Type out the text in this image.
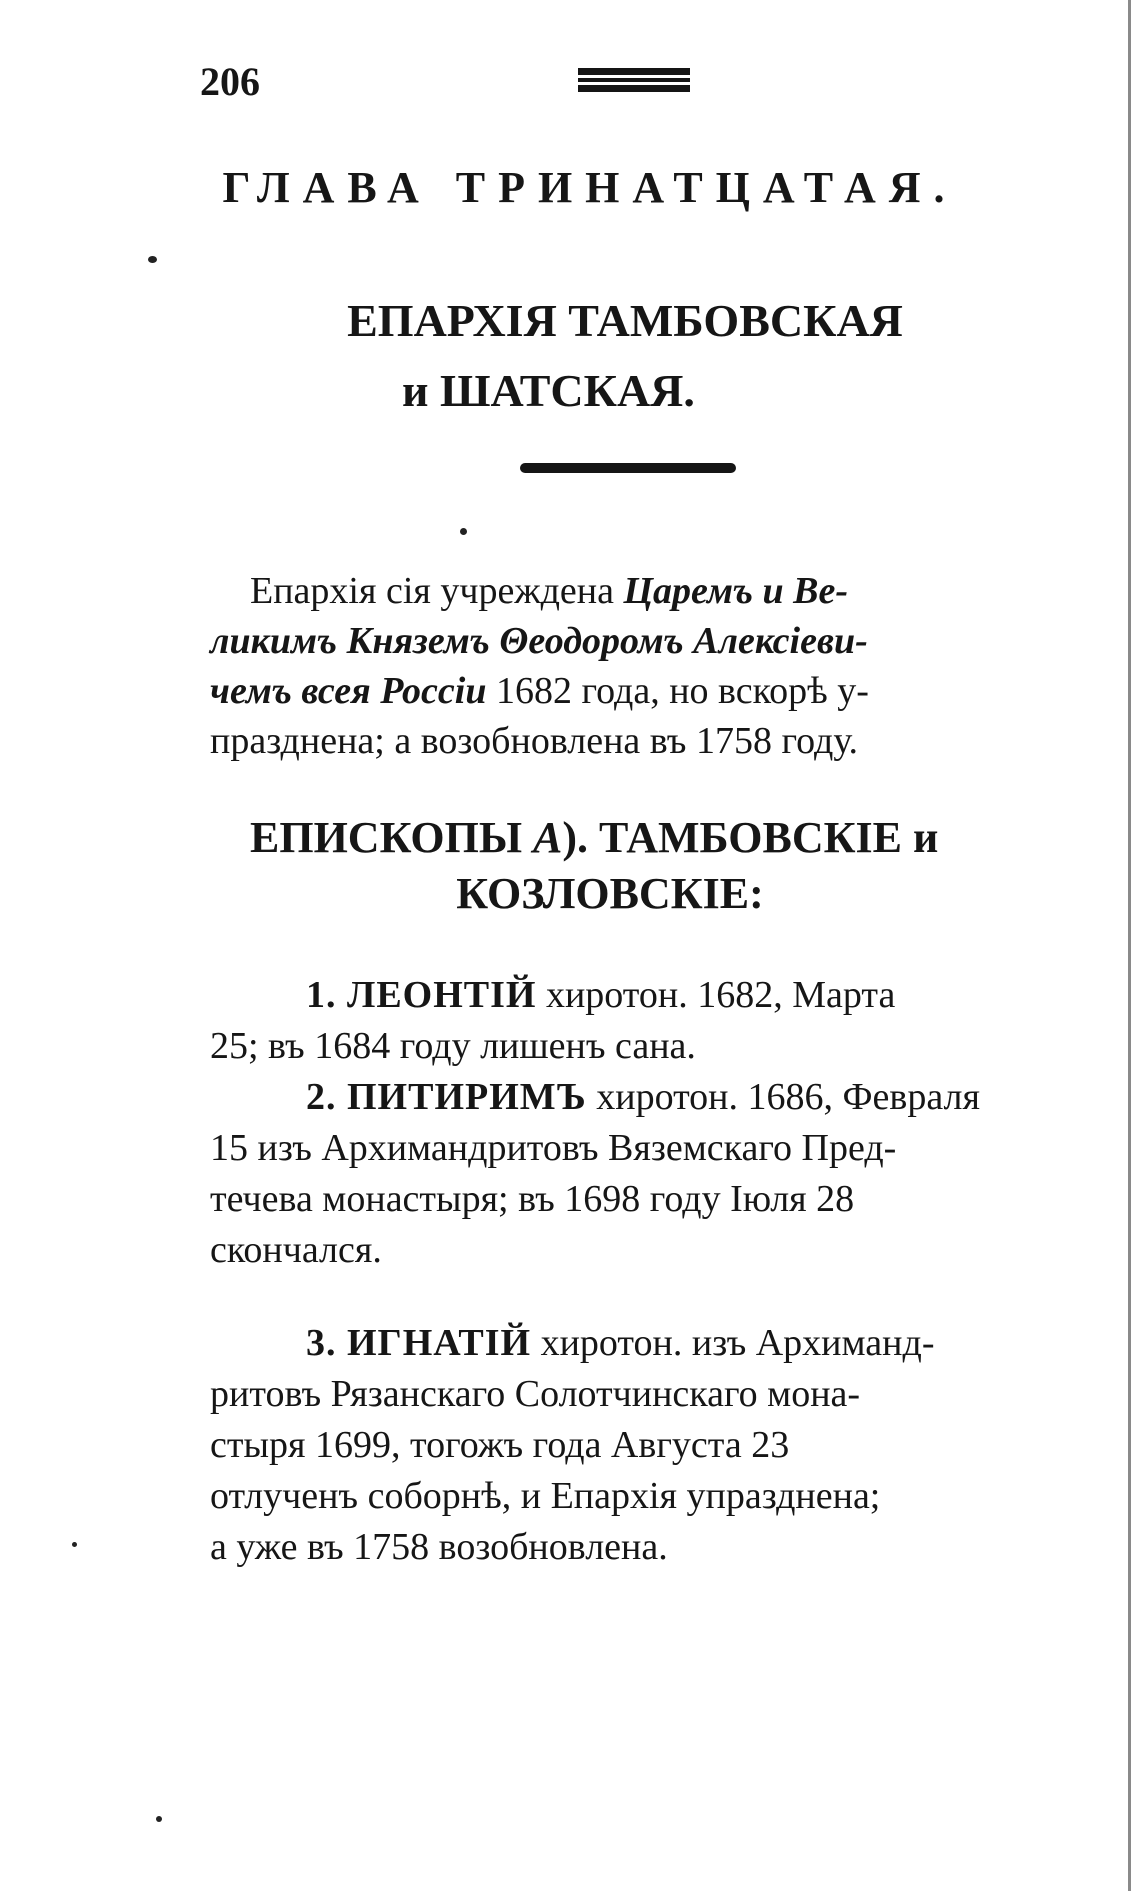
206
ГЛАВА ТРИНАТЦАТАЯ.
ЕПАРХІЯ ТАМБОВСКАЯ
и ШАТСКАЯ.
Епархія сія учреждена Царемъ и Ве-
ликимъ Княземъ Θеодоромъ Алексіеви-
чемъ всея Россіи 1682 года, но вскорѣ у-
празднена; а возобновлена въ 1758 году.
ЕПИСКОПЫ А). ТАМБОВСКІЕ и
КОЗЛОВСКІЕ:
1. ЛЕОНТІЙ хиротон. 1682, Марта
25; въ 1684 году лишенъ сана.
2. ПИТИРИМЪ хиротон. 1686, Февраля
15 изъ Архимандритовъ Вяземскаго Пред-
течева монастыря; въ 1698 году Іюля 28
скончался.
3. ИГНАТІЙ хиротон. изъ Архиманд-
ритовъ Рязанскаго Солотчинскаго мона-
стыря 1699, тогожъ года Августа 23
отлученъ соборнѣ, и Епархія упразднена;
а уже въ 1758 возобновлена.
